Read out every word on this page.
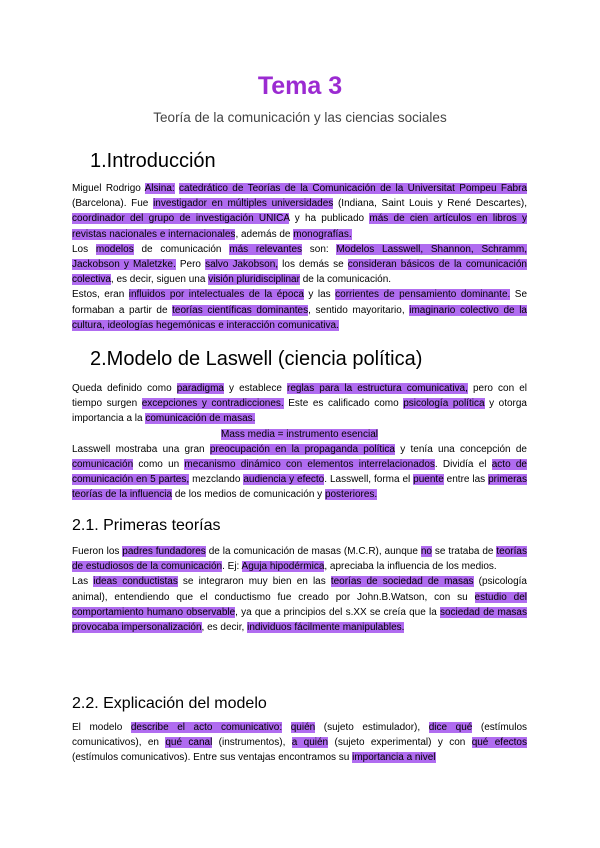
Tema 3
Teoría de la comunicación y las ciencias sociales
1.Introducción

Miguel Rodrigo Alsina: catedrático de Teorías de la Comunicación de la Universitat Pompeu Fabra (Barcelona). Fue investigador en múltiples universidades (Indiana, Saint Louis y René Descartes), coordinador del grupo de investigación UNICA y ha publicado más de cien artículos en libros y revistas nacionales e internacionales, además de monografías.

Los modelos de comunicación más relevantes son: Modelos Lasswell, Shannon, Schramm, Jackobson y Maletzke. Pero salvo Jakobson, los demás se consideran básicos de la comunicación colectiva, es decir, siguen una visión pluridisciplinar de la comunicación.

Estos, eran influidos por intelectuales de la época y las corrientes de pensamiento dominante. Se formaban a partir de teorías científicas dominantes, sentido mayoritario, imaginario colectivo de la cultura, ideologías hegemónicas e interacción comunicativa.

2.Modelo de Laswell (ciencia política)

Queda definido como paradigma y establece reglas para la estructura comunicativa, pero con el tiempo surgen excepciones y contradicciones. Este es calificado como psicología política y otorga importancia a la comunicación de masas.

Mass media = instrumento esencial

Lasswell mostraba una gran preocupación en la propaganda política y tenía una concepción de comunicación como un mecanismo dinámico con elementos interrelacionados. Dividía el acto de comunicación en 5 partes, mezclando audiencia y efecto. Lasswell, forma el puente entre las primeras teorías de la influencia de los medios de comunicación y posteriores.

2.1. Primeras teorías

Fueron los padres fundadores de la comunicación de masas (M.C.R), aunque no se trataba de teorías de estudiosos de la comunicación. Ej: Aguja hipodérmica, apreciaba la influencia de los medios.

Las ideas conductistas se integraron muy bien en las teorías de sociedad de masas (psicología animal), entendiendo que el conductismo fue creado por John.B.Watson, con su estudio del comportamiento humano observable, ya que a principios del s.XX se creía que la sociedad de masas provocaba impersonalización, es decir, individuos fácilmente manipulables.

2.2. Explicación del modelo

El modelo describe el acto comunicativo: quién (sujeto estimulador), dice qué (estímulos comunicativos), en qué canal (instrumentos), a quién (sujeto experimental) y con qué efectos (estímulos comunicativos). Entre sus ventajas encontramos su importancia a nivel
